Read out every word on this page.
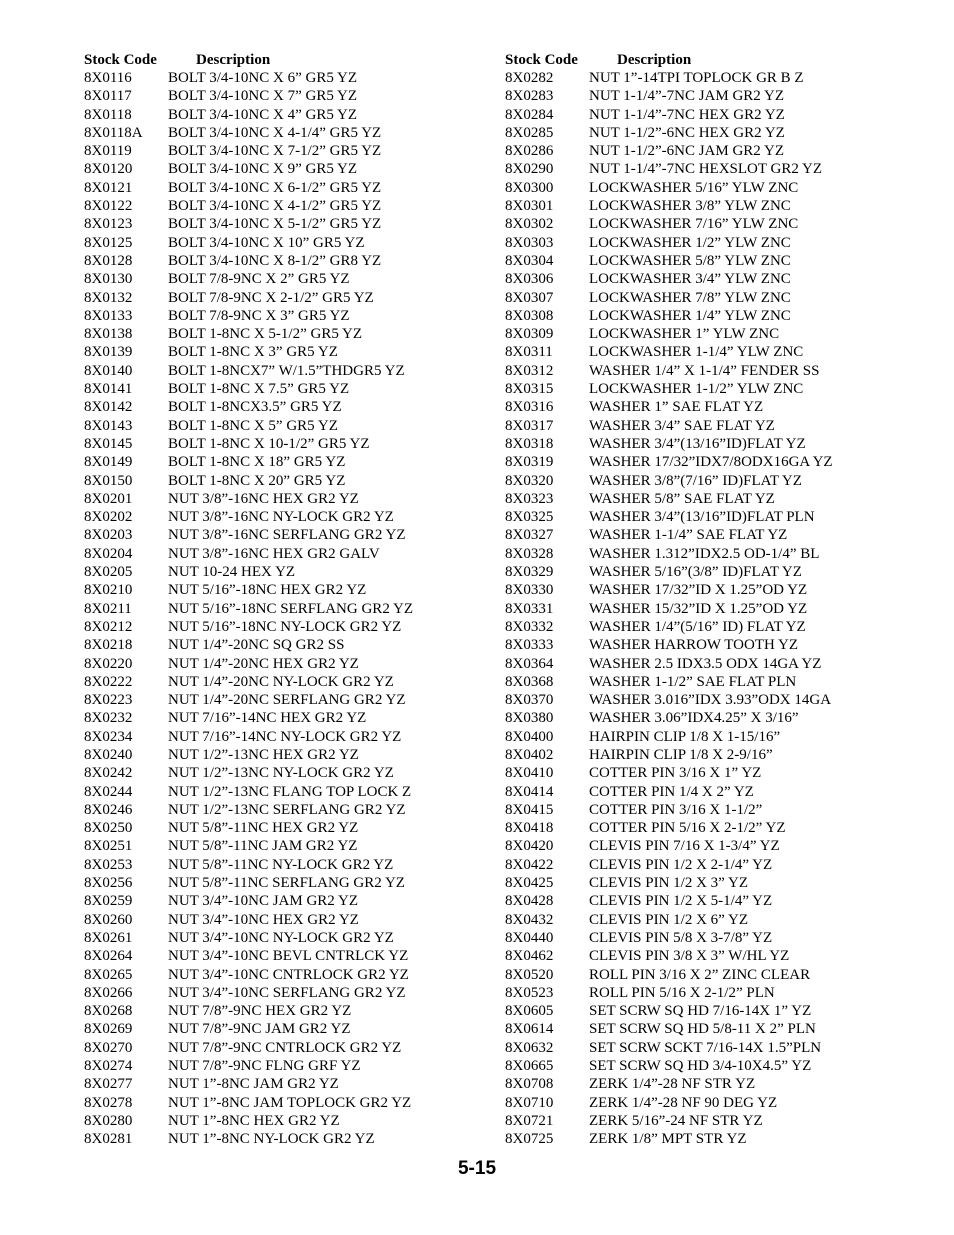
Stock Code	Description
8X0116 BOLT 3/4-10NC X 6” GR5 YZ
8X0117 BOLT 3/4-10NC X 7” GR5 YZ
8X0118 BOLT 3/4-10NC X 4” GR5 YZ
8X0118A BOLT 3/4-10NC X 4-1/4” GR5 YZ
8X0119 BOLT 3/4-10NC X 7-1/2” GR5 YZ
8X0120 BOLT 3/4-10NC X 9” GR5 YZ
8X0121 BOLT 3/4-10NC X 6-1/2” GR5 YZ
8X0122 BOLT 3/4-10NC X 4-1/2” GR5 YZ
8X0123 BOLT 3/4-10NC X 5-1/2” GR5 YZ
8X0125 BOLT 3/4-10NC X 10” GR5 YZ
8X0128 BOLT 3/4-10NC X 8-1/2” GR8 YZ
8X0130 BOLT 7/8-9NC X 2” GR5 YZ
8X0132 BOLT 7/8-9NC X 2-1/2” GR5 YZ
8X0133 BOLT 7/8-9NC X 3” GR5 YZ
8X0138 BOLT 1-8NC X 5-1/2” GR5 YZ
8X0139 BOLT 1-8NC X 3” GR5 YZ
8X0140 BOLT 1-8NCX7” W/1.5”THDGR5 YZ
8X0141 BOLT 1-8NC X 7.5” GR5 YZ
8X0142 BOLT 1-8NCX3.5” GR5 YZ
8X0143 BOLT 1-8NC X 5” GR5 YZ
8X0145 BOLT 1-8NC X 10-1/2” GR5 YZ
8X0149 BOLT 1-8NC X 18” GR5 YZ
8X0150 BOLT 1-8NC X 20” GR5 YZ
8X0201 NUT 3/8”-16NC HEX GR2 YZ
8X0202 NUT 3/8”-16NC NY-LOCK GR2 YZ
8X0203 NUT 3/8”-16NC SERFLANG GR2 YZ
8X0204 NUT 3/8”-16NC HEX GR2 GALV
8X0205 NUT 10-24 HEX YZ
8X0210 NUT 5/16”-18NC HEX GR2 YZ
8X0211 NUT 5/16”-18NC SERFLANG GR2 YZ
8X0212 NUT 5/16”-18NC NY-LOCK GR2 YZ
8X0218 NUT 1/4”-20NC SQ GR2 SS
8X0220 NUT 1/4”-20NC HEX GR2 YZ
8X0222 NUT 1/4”-20NC NY-LOCK GR2 YZ
8X0223 NUT 1/4”-20NC SERFLANG GR2 YZ
8X0232 NUT 7/16”-14NC HEX GR2 YZ
8X0234 NUT 7/16”-14NC NY-LOCK GR2 YZ
8X0240 NUT 1/2”-13NC HEX GR2 YZ
8X0242 NUT 1/2”-13NC NY-LOCK GR2 YZ
8X0244 NUT 1/2”-13NC FLANG TOP LOCK Z
8X0246 NUT 1/2”-13NC SERFLANG GR2 YZ
8X0250 NUT 5/8”-11NC HEX GR2 YZ
8X0251 NUT 5/8”-11NC JAM GR2 YZ
8X0253 NUT 5/8”-11NC NY-LOCK GR2 YZ
8X0256 NUT 5/8”-11NC SERFLANG GR2 YZ
8X0259 NUT 3/4”-10NC JAM GR2 YZ
8X0260 NUT 3/4”-10NC HEX GR2 YZ
8X0261 NUT 3/4”-10NC NY-LOCK GR2 YZ
8X0264 NUT 3/4”-10NC BEVL CNTRLCK YZ
8X0265 NUT 3/4”-10NC CNTRLOCK GR2 YZ
8X0266 NUT 3/4”-10NC SERFLANG GR2 YZ
8X0268 NUT 7/8”-9NC HEX GR2 YZ
8X0269 NUT 7/8”-9NC JAM GR2 YZ
8X0270 NUT 7/8”-9NC CNTRLOCK GR2 YZ
8X0274 NUT 7/8”-9NC FLNG GRF YZ
8X0277 NUT 1”-8NC JAM GR2 YZ
8X0278 NUT 1”-8NC JAM TOPLOCK GR2 YZ
8X0280 NUT 1”-8NC HEX GR2 YZ
8X0281 NUT 1”-8NC NY-LOCK GR2 YZ
Stock Code	Description
8X0282 NUT 1”-14TPI TOPLOCK GR B Z
8X0283 NUT 1-1/4”-7NC JAM GR2 YZ
8X0284 NUT 1-1/4”-7NC HEX GR2 YZ
8X0285 NUT 1-1/2”-6NC HEX GR2 YZ
8X0286 NUT 1-1/2”-6NC JAM GR2 YZ
8X0290 NUT 1-1/4”-7NC HEXSLOT GR2 YZ
8X0300 LOCKWASHER 5/16” YLW ZNC
8X0301 LOCKWASHER 3/8” YLW ZNC
8X0302 LOCKWASHER 7/16” YLW ZNC
8X0303 LOCKWASHER 1/2” YLW ZNC
8X0304 LOCKWASHER 5/8” YLW ZNC
8X0306 LOCKWASHER 3/4” YLW ZNC
8X0307 LOCKWASHER 7/8” YLW ZNC
8X0308 LOCKWASHER 1/4” YLW ZNC
8X0309 LOCKWASHER 1” YLW ZNC
8X0311 LOCKWASHER 1-1/4” YLW ZNC
8X0312 WASHER 1/4” X 1-1/4” FENDER SS
8X0315 LOCKWASHER 1-1/2” YLW ZNC
8X0316 WASHER 1” SAE FLAT YZ
8X0317 WASHER 3/4” SAE FLAT YZ
8X0318 WASHER 3/4”(13/16”ID)FLAT YZ
8X0319 WASHER 17/32”IDX7/8ODX16GA YZ
8X0320 WASHER 3/8”(7/16” ID)FLAT YZ
8X0323 WASHER 5/8” SAE FLAT YZ
8X0325 WASHER 3/4”(13/16”ID)FLAT PLN
8X0327 WASHER 1-1/4” SAE FLAT YZ
8X0328 WASHER 1.312”IDX2.5 OD-1/4” BL
8X0329 WASHER 5/16”(3/8” ID)FLAT YZ
8X0330 WASHER 17/32”ID X 1.25”OD YZ
8X0331 WASHER 15/32”ID X 1.25”OD YZ
8X0332 WASHER 1/4”(5/16” ID) FLAT YZ
8X0333 WASHER HARROW TOOTH YZ
8X0364 WASHER 2.5 IDX3.5 ODX 14GA YZ
8X0368 WASHER 1-1/2” SAE FLAT PLN
8X0370 WASHER 3.016”IDX 3.93”ODX 14GA
8X0380 WASHER 3.06”IDX4.25” X 3/16”
8X0400 HAIRPIN CLIP 1/8 X 1-15/16”
8X0402 HAIRPIN CLIP 1/8 X 2-9/16”
8X0410 COTTER PIN 3/16 X 1” YZ
8X0414 COTTER PIN 1/4 X 2” YZ
8X0415 COTTER PIN 3/16 X 1-1/2”
8X0418 COTTER PIN 5/16 X 2-1/2” YZ
8X0420 CLEVIS PIN 7/16 X 1-3/4” YZ
8X0422 CLEVIS PIN 1/2 X 2-1/4” YZ
8X0425 CLEVIS PIN 1/2 X 3” YZ
8X0428 CLEVIS PIN 1/2 X 5-1/4” YZ
8X0432 CLEVIS PIN 1/2 X 6” YZ
8X0440 CLEVIS PIN 5/8 X 3-7/8” YZ
8X0462 CLEVIS PIN 3/8 X 3” W/HL YZ
8X0520 ROLL PIN 3/16 X 2” ZINC CLEAR
8X0523 ROLL PIN 5/16 X 2-1/2” PLN
8X0605 SET SCRW SQ HD 7/16-14X 1” YZ
8X0614 SET SCRW SQ HD 5/8-11 X 2” PLN
8X0632 SET SCRW SCKT 7/16-14X 1.5”PLN
8X0665 SET SCRW SQ HD 3/4-10X4.5” YZ
8X0708 ZERK 1/4”-28 NF STR YZ
8X0710 ZERK 1/4”-28 NF 90 DEG YZ
8X0721 ZERK 5/16”-24 NF STR YZ
8X0725 ZERK 1/8” MPT STR YZ
5-15
